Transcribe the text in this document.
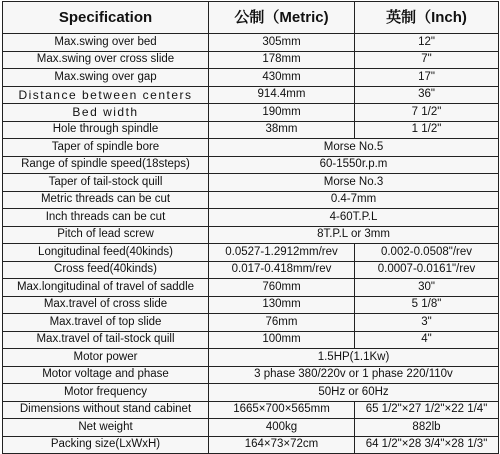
Specification	公制（Metric)	英制（Inch)
Max.swing over bed	305mm	12"
Max.swing over cross slide	178mm	7"
Max.swing over gap	430mm	17"
Distance between centers	914.4mm	36"
Bed width	190mm	7 1/2"
Hole through spindle	38mm	1 1/2"
Taper of spindle bore	Morse No.5	
Range of spindle speed(18steps)	60-1550r.p.m	
Taper of tail-stock quill	Morse No.3	
Metric threads can be cut	0.4-7mm	
Inch threads can be cut	4-60T.P.L	
Pitch of lead screw	8T.P.L or 3mm	
Longitudinal feed(40kinds)	0.0527-1.2912mm/rev	0.002-0.0508"/rev
Cross feed(40kinds)	0.017-0.418mm/rev	0.0007-0.0161"/rev
Max.longitudinal of travel of saddle	760mm	30"
Max.travel of cross slide	130mm	5 1/8"
Max.travel of top slide	76mm	3"
Max.travel of tail-stock quill	100mm	4"
Motor power	1.5HP(1.1Kw)	
Motor voltage and phase	3 phase 380/220v or 1 phase 220/110v	
Motor frequency	50Hz or 60Hz	
Dimensions without stand cabinet	1665×700×565mm	65 1/2"×27 1/2"×22 1/4"
Net weight	400kg	882lb
Packing size(LxWxH)	164×73×72cm	64 1/2"×28 3/4"×28 1/3"
